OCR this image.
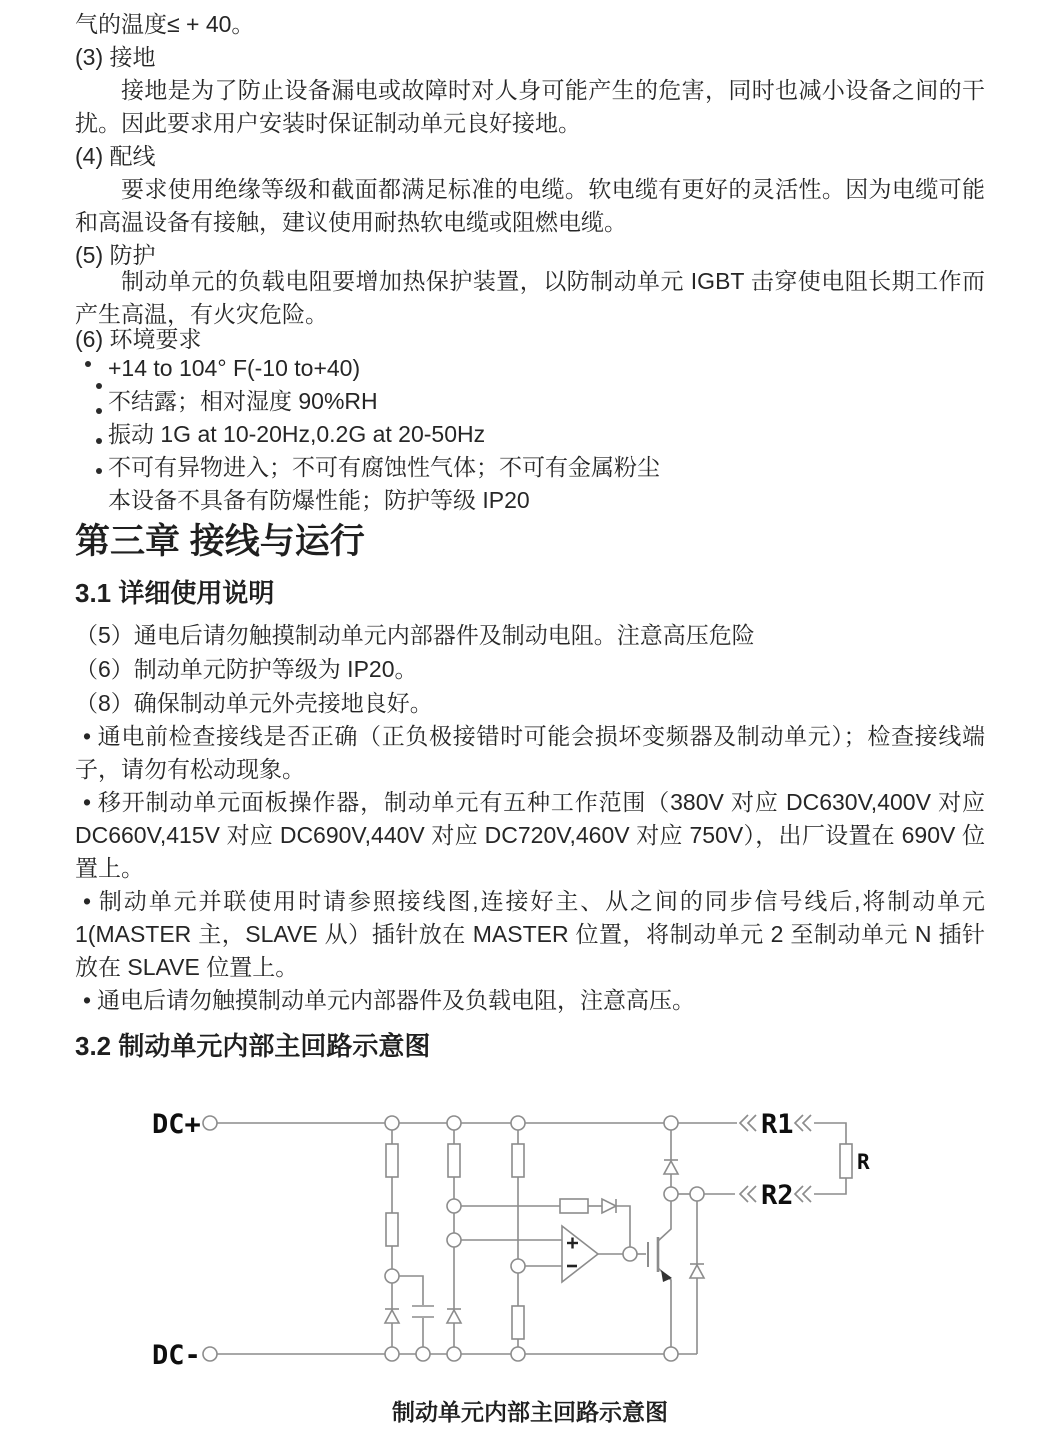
气的温度≤ + 40。

(3) 接地

接地是为了防止设备漏电或故障时对人身可能产生的危害，同时也减小设备之间的干扰。因此要求用户安装时保证制动单元良好接地。

(4) 配线

要求使用绝缘等级和截面都满足标准的电缆。软电缆有更好的灵活性。因为电缆可能和高温设备有接触，建议使用耐热软电缆或阻燃电缆。

(5) 防护

制动单元的负载电阻要增加热保护装置，以防制动单元 IGBT 击穿使电阻长期工作而产生高温，有火灾危险。

(6) 环境要求

+14 to 104° F(-10 to+40)
不结露；相对湿度 90%RH
振动 1G at 10-20Hz,0.2G at 20-50Hz
不可有异物进入；不可有腐蚀性气体；不可有金属粉尘
本设备不具备有防爆性能；防护等级 IP20
第三章 接线与运行
3.1 详细使用说明

（5）通电后请勿触摸制动单元内部器件及制动电阻。注意高压危险

（6）制动单元防护等级为 IP20。

（8）确保制动单元外壳接地良好。

• 通电前检查接线是否正确（正负极接错时可能会损坏变频器及制动单元）；检查接线端子，请勿有松动现象。

• 移开制动单元面板操作器，制动单元有五种工作范围（380V 对应 DC630V,400V 对应 DC660V,415V 对应 DC690V,440V 对应 DC720V,460V 对应 750V），出厂设置在 690V 位置上。

• 制动单元并联使用时请参照接线图,连接好主、从之间的同步信号线后,将制动单元 1(MASTER 主，SLAVE 从）插针放在 MASTER 位置，将制动单元 2 至制动单元 N 插针放在 SLAVE 位置上。

• 通电后请勿触摸制动单元内部器件及负载电阻，注意高压。

3.2 制动单元内部主回路示意图
DC+
DC-
R1
R2
R

制动单元内部主回路示意图
